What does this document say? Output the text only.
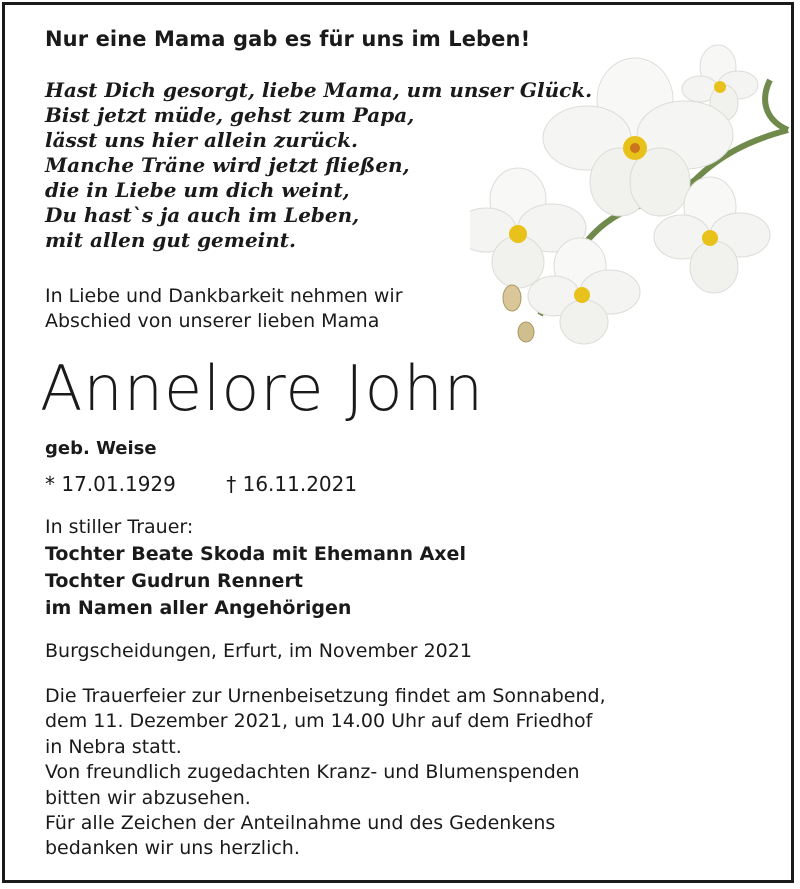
Nur eine Mama gab es für uns im Leben!
Hast Dich gesorgt, liebe Mama, um unser Glück.
Bist jetzt müde, gehst zum Papa,
lässt uns hier allein zurück.
Manche Träne wird jetzt fließen,
die in Liebe um dich weint,
Du hast`s ja auch im Leben,
mit allen gut gemeint.
In Liebe und Dankbarkeit nehmen wir
Abschied von unserer lieben Mama
Annelore John
geb. Weise
* 17.01.1929	† 16.11.2021
In stiller Trauer:
Tochter Beate Skoda mit Ehemann Axel
Tochter Gudrun Rennert
im Namen aller Angehörigen
Burgscheidungen, Erfurt, im November 2021
Die Trauerfeier zur Urnenbeisetzung findet am Sonnabend,
dem 11. Dezember 2021, um 14.00 Uhr auf dem Friedhof
in Nebra statt.
Von freundlich zugedachten Kranz- und Blumenspenden
bitten wir abzusehen.
Für alle Zeichen der Anteilnahme und des Gedenkens
bedanken wir uns herzlich.
